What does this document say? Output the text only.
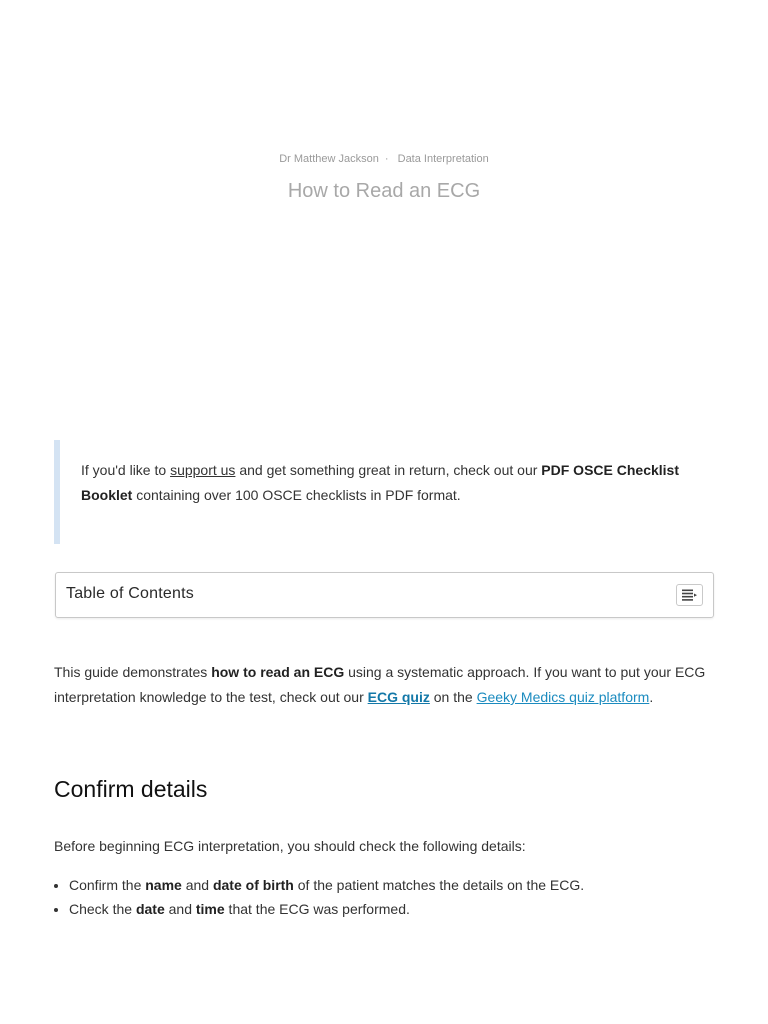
Dr Matthew Jackson · Data Interpretation
How to Read an ECG
If you'd like to support us and get something great in return, check out our PDF OSCE Checklist Booklet containing over 100 OSCE checklists in PDF format.
Table of Contents

This guide demonstrates how to read an ECG using a systematic approach. If you want to put your ECG interpretation knowledge to the test, check out our ECG quiz on the Geeky Medics quiz platform.

Confirm details

Before beginning ECG interpretation, you should check the following details:

• Confirm the name and date of birth of the patient matches the details on the ECG.
• Check the date and time that the ECG was performed.
